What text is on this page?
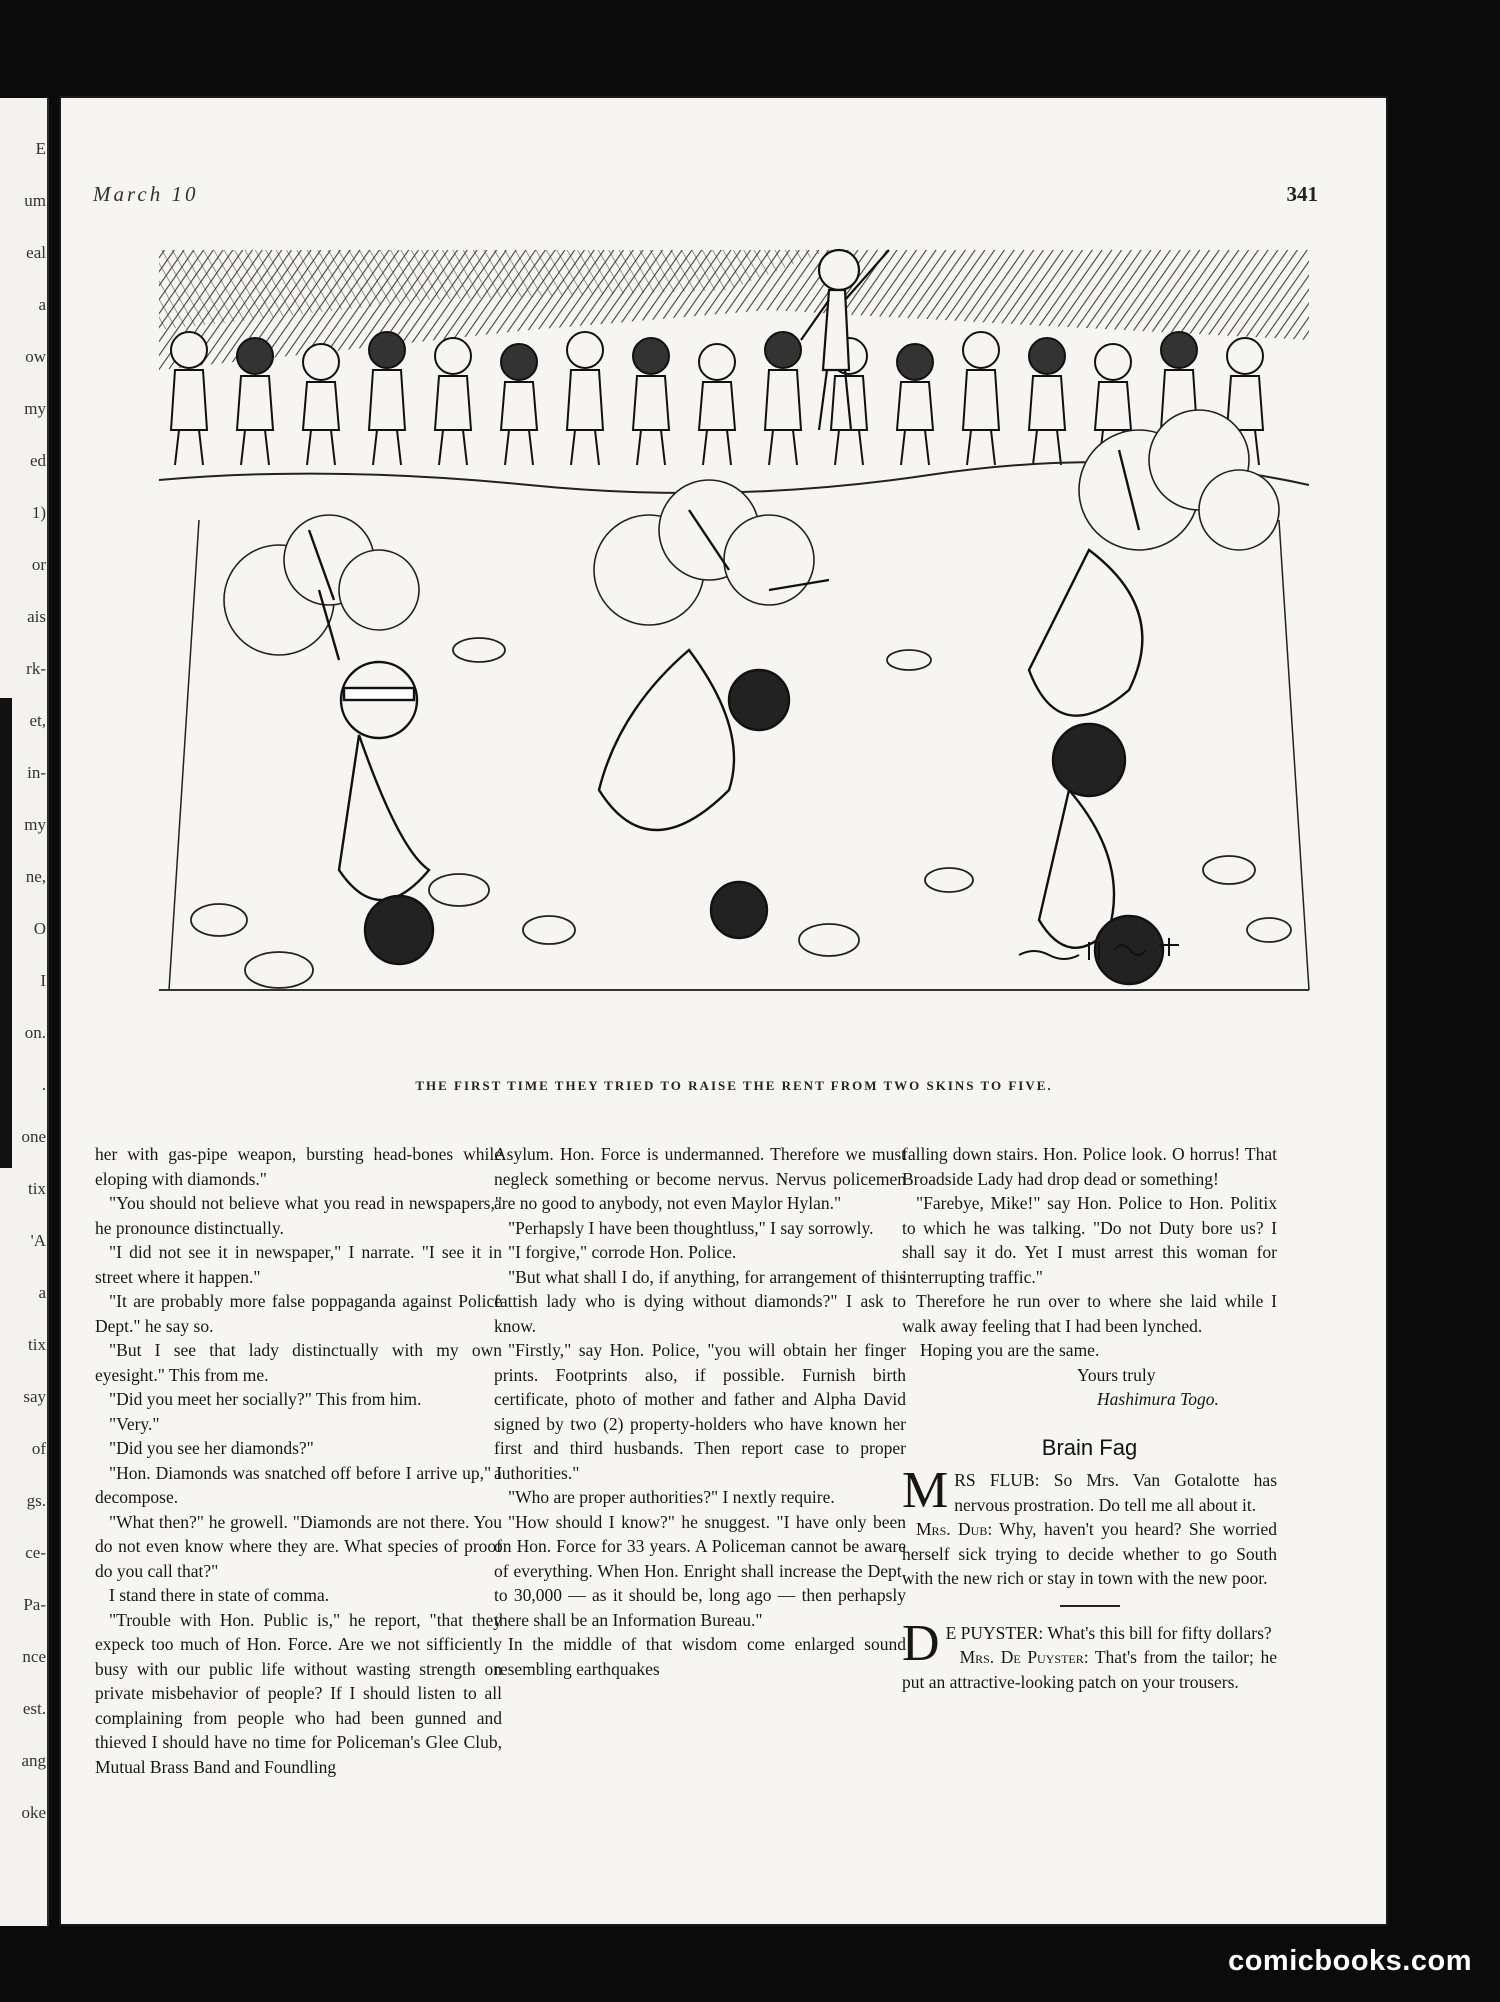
E
um
eal
a
ow
my
ed
1)
or
ais
rk-
et,
in-
my
ne,
O
I
on.
.
one
tix
'A
a
tix
say
of
gs.
ce-
Pa-
nce
est.
ang
oke
March 10	341
THE FIRST TIME THEY TRIED TO RAISE THE RENT FROM TWO SKINS TO FIVE.

her with gas-pipe weapon, bursting head-bones while eloping with diamonds."

"You should not believe what you read in newspapers," he pronounce distinctually.

"I did not see it in newspaper," I narrate. "I see it in street where it happen."

"It are probably more false poppaganda against Police Dept." he say so.

"But I see that lady distinctually with my own eyesight." This from me.

"Did you meet her socially?" This from him.

"Very."

"Did you see her diamonds?"

"Hon. Diamonds was snatched off before I arrive up," I decompose.

"What then?" he growell. "Diamonds are not there. You do not even know where they are. What species of proof do you call that?"

I stand there in state of comma.

"Trouble with Hon. Public is," he report, "that they expeck too much of Hon. Force. Are we not sifficiently busy with our public life without wasting strength on private misbehavior of people? If I should listen to all complaining from people who had been gunned and thieved I should have no time for Policeman's Glee Club, Mutual Brass Band and Foundling

Asylum. Hon. Force is undermanned. Therefore we must negleck something or become nervus. Nervus policemen are no good to anybody, not even Maylor Hylan."

"Perhapsly I have been thoughtluss," I say sorrowly.

"I forgive," corrode Hon. Police.

"But what shall I do, if anything, for arrangement of this fattish lady who is dying without diamonds?" I ask to know.

"Firstly," say Hon. Police, "you will obtain her finger prints. Footprints also, if possible. Furnish birth certificate, photo of mother and father and Alpha David signed by two (2) property-holders who have known her first and third husbands. Then report case to proper authorities."

"Who are proper authorities?" I nextly require.

"How should I know?" he snuggest. "I have only been on Hon. Force for 33 years. A Policeman cannot be aware of everything. When Hon. Enright shall increase the Dept. to 30,000 — as it should be, long ago — then perhapsly there shall be an Information Bureau."

In the middle of that wisdom come enlarged sound resembling earthquakes

falling down stairs. Hon. Police look. O horrus! That Broadside Lady had drop dead or something!

"Farebye, Mike!" say Hon. Police to Hon. Politix to which he was talking. "Do not Duty bore us? I shall say it do. Yet I must arrest this woman for interrupting traffic."

Therefore he run over to where she laid while I walk away feeling that I had been lynched.

Hoping you are the same.
Yours truly
Hashimura Togo.
Brain Fag

MRS FLUB: So Mrs. Van Gotalotte has nervous prostration. Do tell me all about it.

Mrs. Dub: Why, haven't you heard? She worried herself sick trying to decide whether to go South with the new rich or stay in town with the new poor.

D E PUYSTER: What's this bill for fifty dollars?

Mrs. De Puyster: That's from the tailor; he put an attractive-looking patch on your trousers.

comicbooks.com
